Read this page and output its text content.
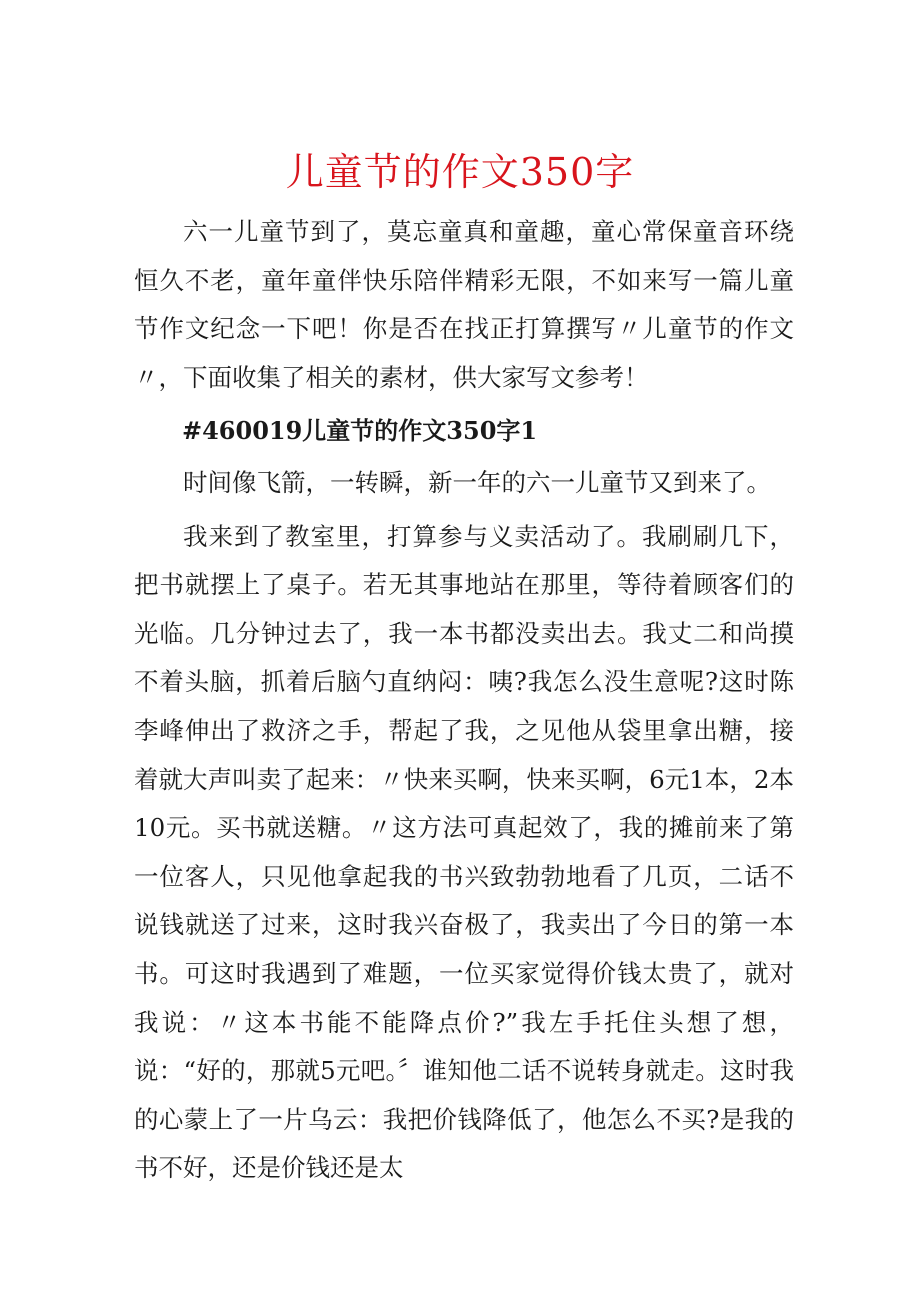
儿童节的作文350字

六一儿童节到了，莫忘童真和童趣，童心常保童音环绕恒久不老，童年童伴快乐陪伴精彩无限，不如来写一篇儿童节作文纪念一下吧！你是否在找正打算撰写〃儿童节的作文〃，下面收集了相关的素材，供大家写文参考！

#460019儿童节的作文350字1

时间像飞箭，一转瞬，新一年的六一儿童节又到来了。

我来到了教室里，打算参与义卖活动了。我刷刷几下，把书就摆上了桌子。若无其事地站在那里，等待着顾客们的光临。几分钟过去了，我一本书都没卖出去。我丈二和尚摸不着头脑，抓着后脑勺直纳闷：咦?我怎么没生意呢?这时陈李峰伸出了救济之手，帮起了我，之见他从袋里拿出糖，接着就大声叫卖了起来：〃快来买啊，快来买啊，6元1本，2本10元。买书就送糖。〃这方法可真起效了，我的摊前来了第一位客人，只见他拿起我的书兴致勃勃地看了几页，二话不说钱就送了过来，这时我兴奋极了，我卖出了今日的第一本书。可这时我遇到了难题，一位买家觉得价钱太贵了，就对我说：〃这本书能不能降点价?”我左手托住头想了想，说：“好的，那就5元吧。〞谁知他二话不说转身就走。这时我的心蒙上了一片乌云：我把价钱降低了，他怎么不买?是我的书不好，还是价钱还是太
